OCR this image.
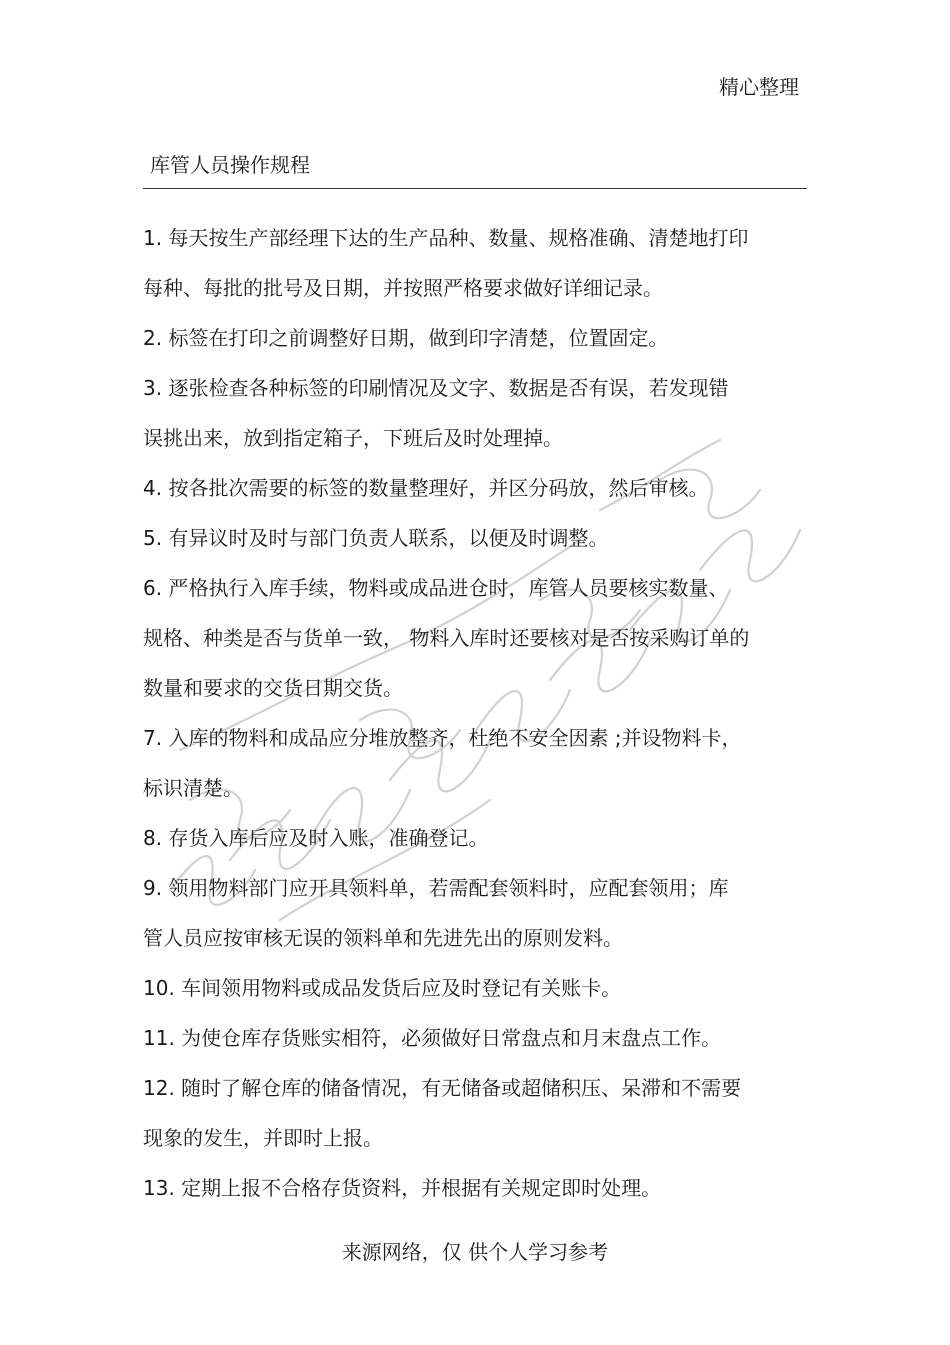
精心整理
库管人员操作规程
1. 每天按生产部经理下达的生产品种、数量、规格准确、清楚地打印
每种、每批的批号及日期，并按照严格要求做好详细记录。
2. 标签在打印之前调整好日期，做到印字清楚，位置固定。
3. 逐张检查各种标签的印刷情况及文字、数据是否有误，若发现错
误挑出来，放到指定箱子，下班后及时处理掉。
4. 按各批次需要的标签的数量整理好，并区分码放，然后审核。
5. 有异议时及时与部门负责人联系，以便及时调整。
6. 严格执行入库手续，物料或成品进仓时，库管人员要核实数量、
规格、种类是否与货单一致， 物料入库时还要核对是否按采购订单的
数量和要求的交货日期交货。
7. 入库的物料和成品应分堆放整齐，杜绝不安全因素 ;并设物料卡，
标识清楚。
8. 存货入库后应及时入账，准确登记。
9. 领用物料部门应开具领料单，若需配套领料时，应配套领用；库
管人员应按审核无误的领料单和先进先出的原则发料。
10. 车间领用物料或成品发货后应及时登记有关账卡。
11. 为使仓库存货账实相符，必须做好日常盘点和月末盘点工作。
12. 随时了解仓库的储备情况，有无储备或超储积压、呆滞和不需要
现象的发生，并即时上报。
13. 定期上报不合格存货资料，并根据有关规定即时处理。
来源网络，仅 供个人学习参考
